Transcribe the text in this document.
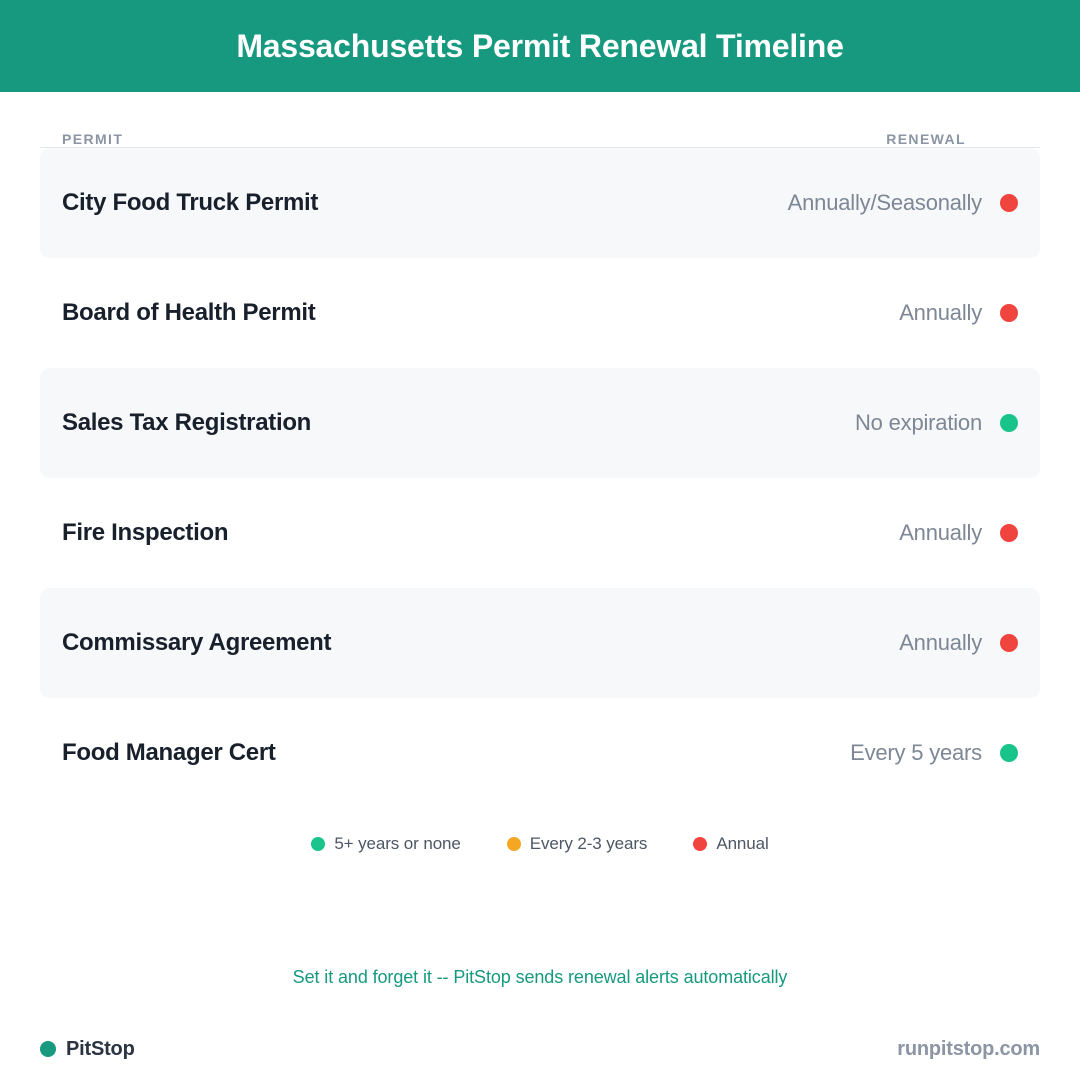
Massachusetts Permit Renewal Timeline
PERMIT	RENEWAL
City Food Truck Permit	Annually/Seasonally
Board of Health Permit	Annually
Sales Tax Registration	No expiration
Fire Inspection	Annually
Commissary Agreement	Annually
Food Manager Cert	Every 5 years
5+ years or none	Every 2-3 years	Annual
Set it and forget it -- PitStop sends renewal alerts automatically
PitStop	runpitstop.com
